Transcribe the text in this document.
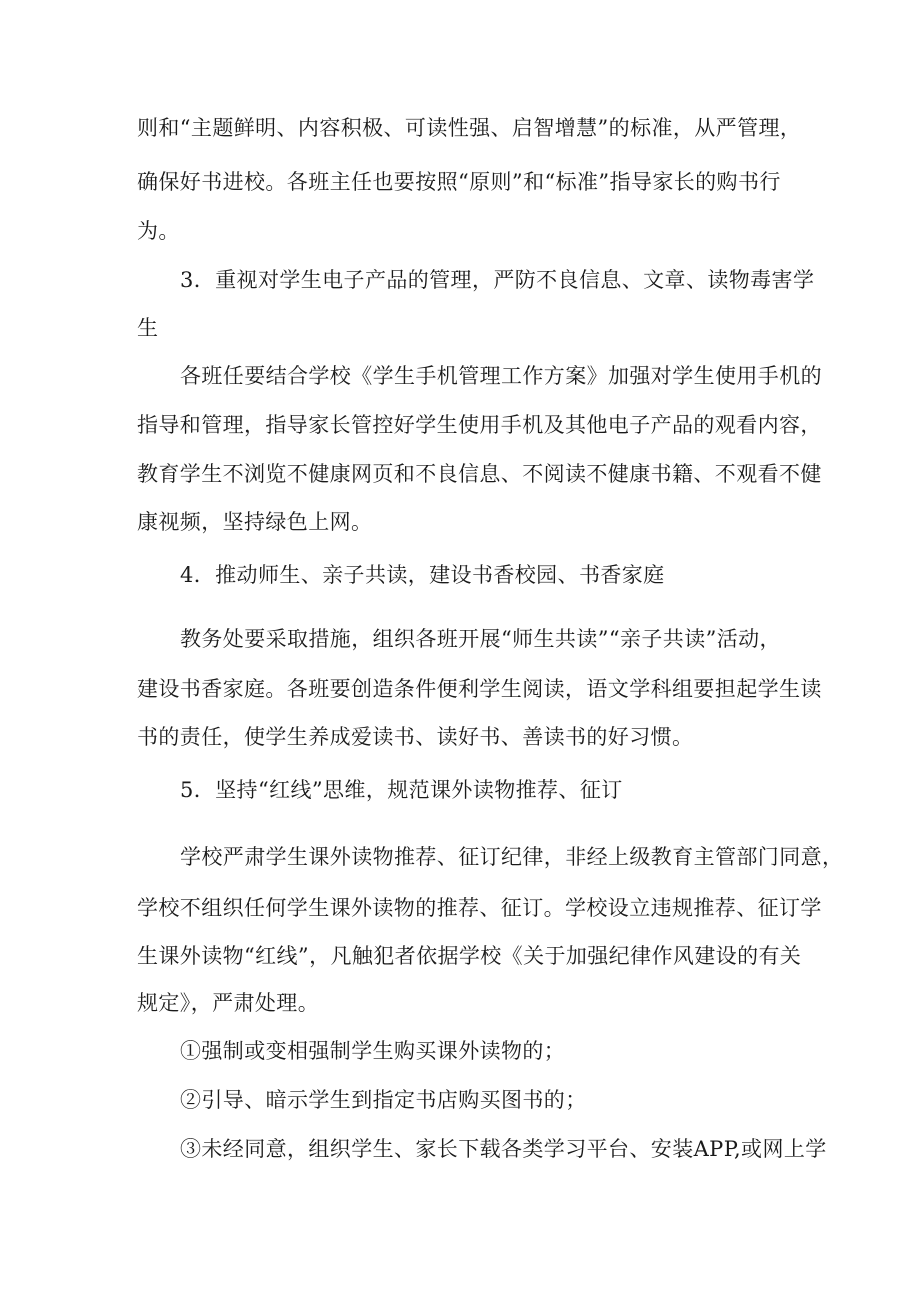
则和“主题鲜明、内容积极、可读性强、启智增慧”的标准，从严管理，
确保好书进校。各班主任也要按照“原则”和“标准”指导家长的购书行
为。
3．重视对学生电子产品的管理，严防不良信息、文章、读物毒害学
生
各班任要结合学校《学生手机管理工作方案》加强对学生使用手机的
指导和管理，指导家长管控好学生使用手机及其他电子产品的观看内容，
教育学生不浏览不健康网页和不良信息、不阅读不健康书籍、不观看不健
康视频，坚持绿色上网。
4．推动师生、亲子共读，建设书香校园、书香家庭
教务处要采取措施，组织各班开展“师生共读”“亲子共读”活动，
建设书香家庭。各班要创造条件便利学生阅读，语文学科组要担起学生读
书的责任，使学生养成爱读书、读好书、善读书的好习惯。
5．坚持“红线”思维，规范课外读物推荐、征订
学校严肃学生课外读物推荐、征订纪律，非经上级教育主管部门同意，
学校不组织任何学生课外读物的推荐、征订。学校设立违规推荐、征订学
生课外读物“红线”，凡触犯者依据学校《关于加强纪律作风建设的有关
规定》，严肃处理。
①强制或变相强制学生购买课外读物的；
②引导、暗示学生到指定书店购买图书的；
③未经同意，组织学生、家长下载各类学习平台、安装APP,或网上学
